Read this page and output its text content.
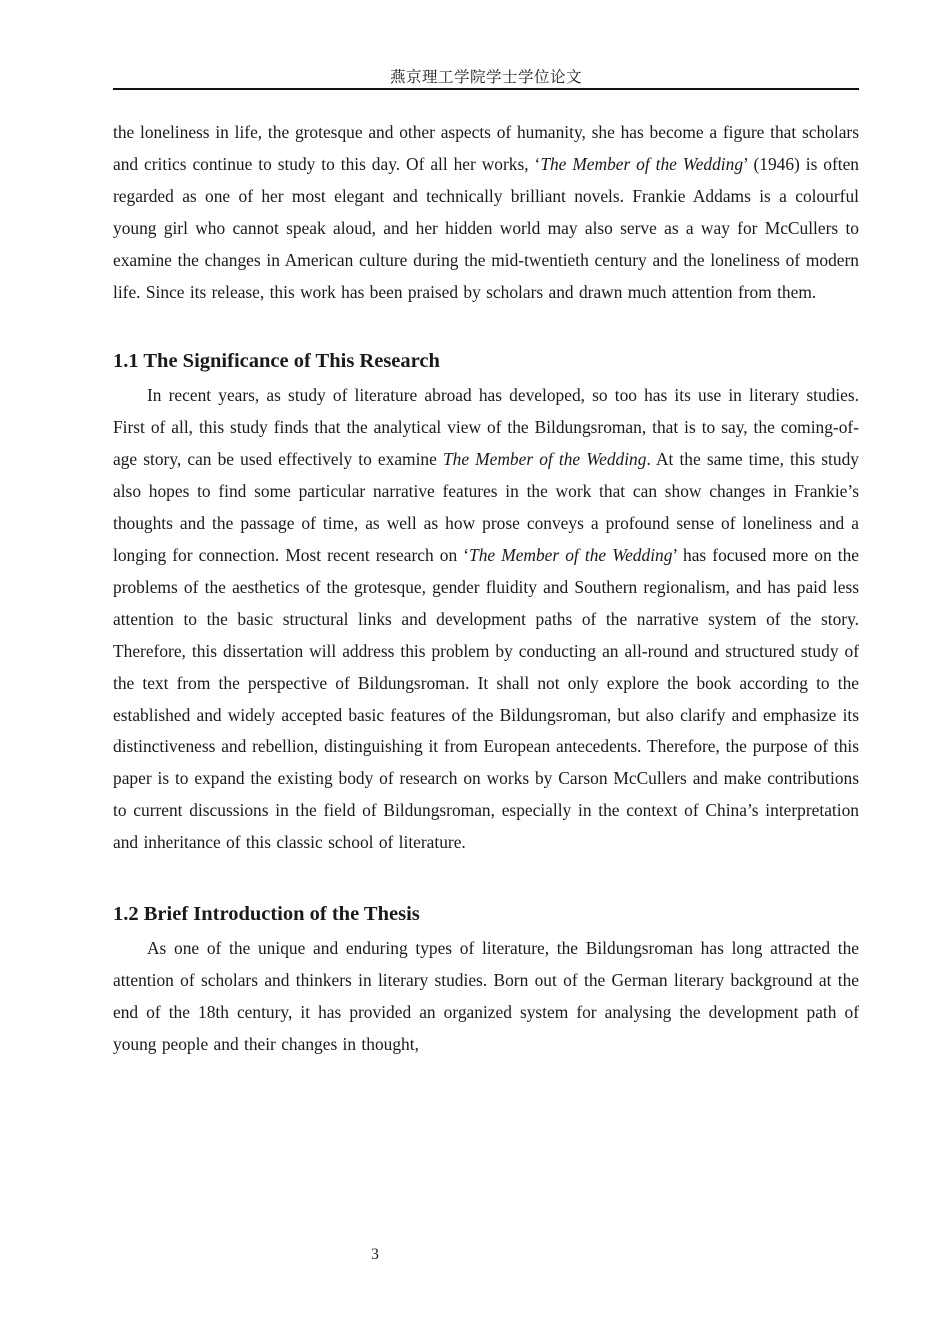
燕京理工学院学士学位论文

the loneliness in life, the grotesque and other aspects of humanity, she has become a figure that scholars and critics continue to study to this day. Of all her works, ‘The Member of the Wedding’ (1946) is often regarded as one of her most elegant and technically brilliant novels. Frankie Addams is a colourful young girl who cannot speak aloud, and her hidden world may also serve as a way for McCullers to examine the changes in American culture during the mid-twentieth century and the loneliness of modern life. Since its release, this work has been praised by scholars and drawn much attention from them.

1.1 The Significance of This Research

In recent years, as study of literature abroad has developed, so too has its use in literary studies. First of all, this study finds that the analytical view of the Bildungsroman, that is to say, the coming-of-age story, can be used effectively to examine The Member of the Wedding. At the same time, this study also hopes to find some particular narrative features in the work that can show changes in Frankie’s thoughts and the passage of time, as well as how prose conveys a profound sense of loneliness and a longing for connection. Most recent research on ‘The Member of the Wedding’ has focused more on the problems of the aesthetics of the grotesque, gender fluidity and Southern regionalism, and has paid less attention to the basic structural links and development paths of the narrative system of the story. Therefore, this dissertation will address this problem by conducting an all-round and structured study of the text from the perspective of Bildungsroman. It shall not only explore the book according to the established and widely accepted basic features of the Bildungsroman, but also clarify and emphasize its distinctiveness and rebellion, distinguishing it from European antecedents. Therefore, the purpose of this paper is to expand the existing body of research on works by Carson McCullers and make contributions to current discussions in the field of Bildungsroman, especially in the context of China’s interpretation and inheritance of this classic school of literature.

1.2 Brief Introduction of the Thesis

As one of the unique and enduring types of literature, the Bildungsroman has long attracted the attention of scholars and thinkers in literary studies. Born out of the German literary background at the end of the 18th century, it has provided an organized system for analysing the development path of young people and their changes in thought,

3
